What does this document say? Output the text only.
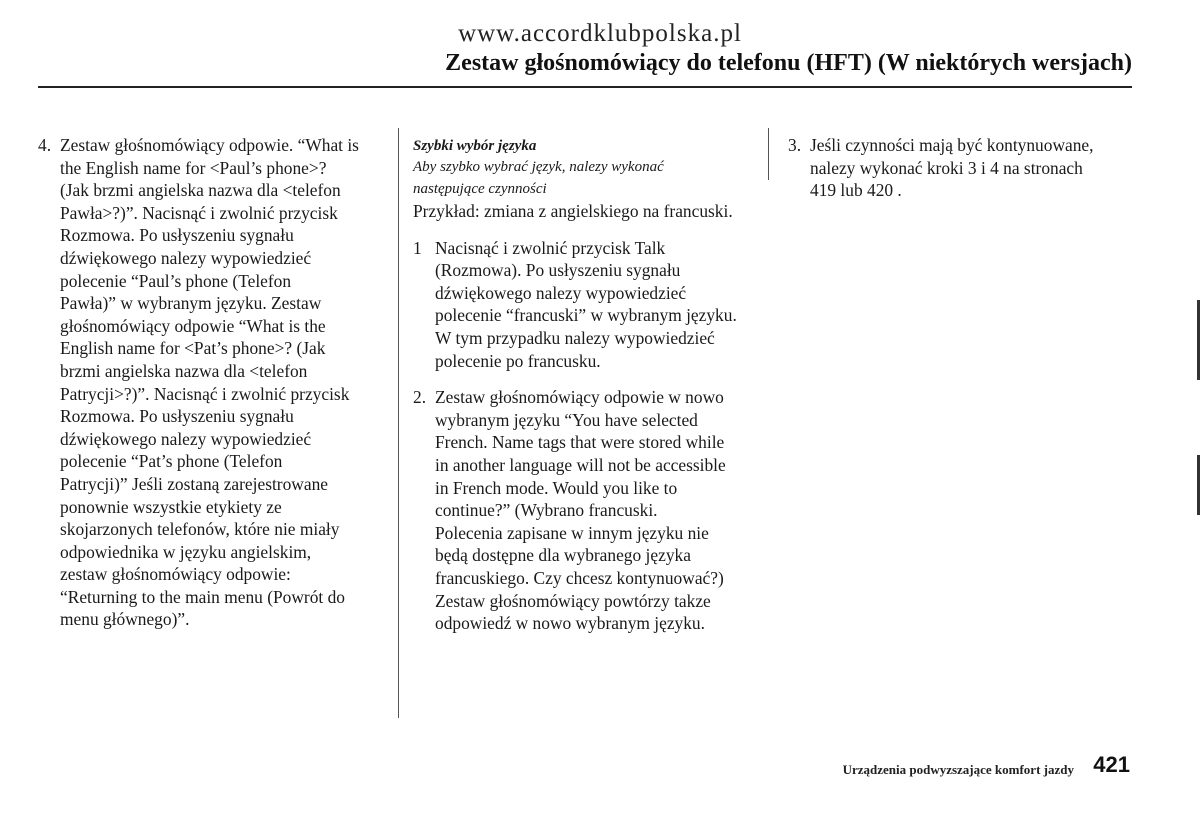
www.accordklubpolska.pl
Zestaw głośnomówiący do telefonu (HFT) (W niektórych wersjach)
4. Zestaw głośnomówiący odpowie. “What is
the English name for <Paul’s phone>?
(Jak brzmi angielska nazwa dla <telefon
Pawła>?)”. Nacisnąć i zwolnić przycisk
Rozmowa. Po usłyszeniu sygnału
dźwiękowego nalezy wypowiedzieć
polecenie “Paul’s phone (Telefon
Pawła)” w wybranym języku. Zestaw
głośnomówiący odpowie “What is the
English name for <Pat’s phone>? (Jak
brzmi angielska nazwa dla <telefon
Patrycji>?)”. Nacisnąć i zwolnić przycisk
Rozmowa. Po usłyszeniu sygnału
dźwiękowego nalezy wypowiedzieć
polecenie “Pat’s phone (Telefon
Patrycji)” Jeśli zostaną zarejestrowane
ponownie wszystkie etykiety ze
skojarzonych telefonów, które nie miały
odpowiednika w języku angielskim,
zestaw głośnomówiący odpowie:
“Returning to the main menu (Powrót do
menu głównego)”.
Szybki wybór języka
Aby szybko wybrać język, nalezy wykonać
następujące czynności
Przykład: zmiana z angielskiego na francuski.
1 Nacisnąć i zwolnić przycisk Talk
(Rozmowa). Po usłyszeniu sygnału
dźwiękowego nalezy wypowiedzieć
polecenie “francuski” w wybranym języku.
W tym przypadku nalezy wypowiedzieć
polecenie po francusku.
2. Zestaw głośnomówiący odpowie w nowo
wybranym języku “You have selected
French. Name tags that were stored while
in another language will not be accessible
in French mode. Would you like to
continue?” (Wybrano francuski.
Polecenia zapisane w innym języku nie
będą dostępne dla wybranego języka
francuskiego. Czy chcesz kontynuować?)
Zestaw głośnomówiący powtórzy takze
odpowiedź w nowo wybranym języku.
3. Jeśli czynności mają być kontynuowane,
nalezy wykonać kroki 3 i 4 na stronach
419 lub 420 .
Urządzenia podwyzszające komfort jazdy 421
